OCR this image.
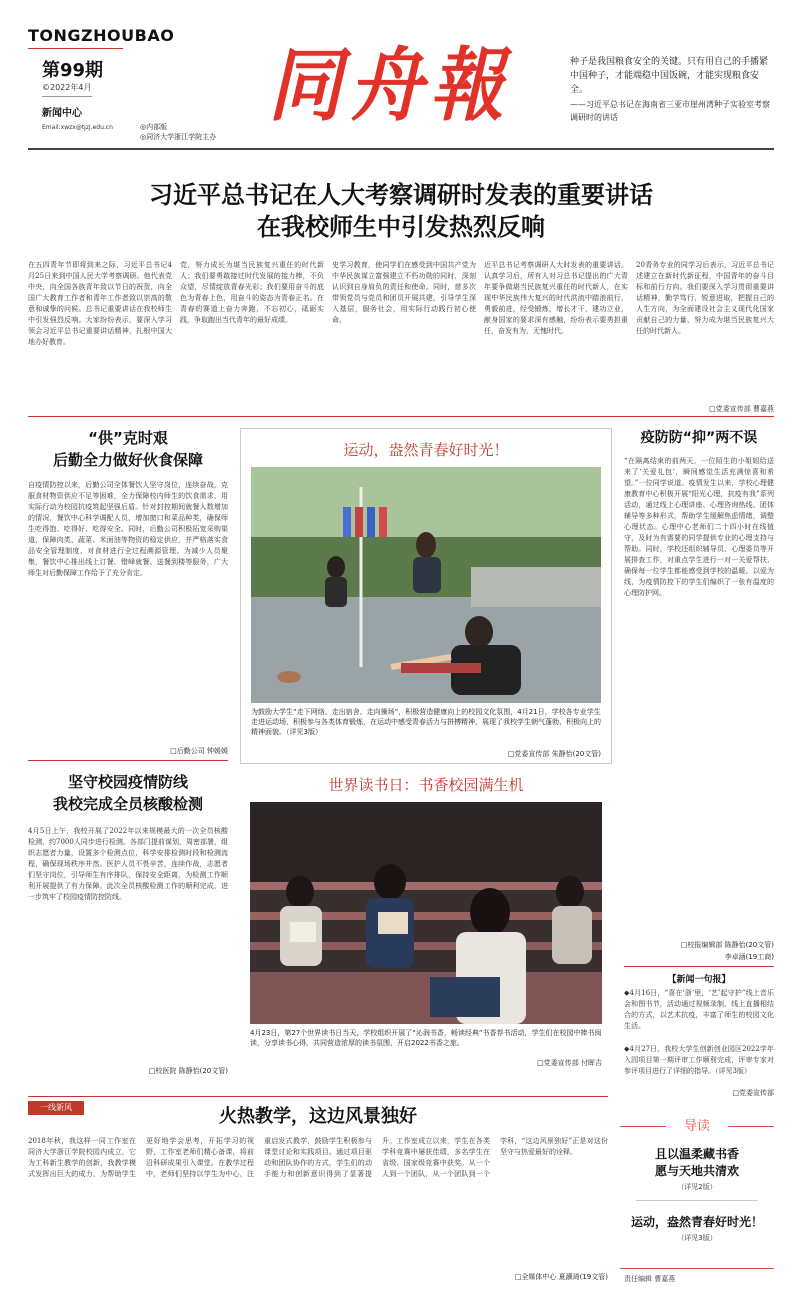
TONGZHOUBAO
第99期
©2022年4月
新闻中心
Email:xwzx@tjzj.edu.cn 同舟報
◎内部版
◎同济大学浙江学院主办
种子是我国粮食安全的关键。只有用自己的手播紧中国种子，才能端稳中国饭碗，才能实现粮食安全。
——习近平总书记在海南省三亚市崖州湾种子实验室考察调研时的讲话
习近平总书记在人大考察调研时发表的重要讲话
在我校师生中引发热烈反响
在五四青年节即将到来之际，习近平总书记4月25日来到中国人民大学考察调研。他代表党中央，向全国各族青年致以节日的祝贺，向全国广大教育工作者和青年工作者致以崇高的敬意和诚挚的问候。总书记重要讲话在我校师生中引发强烈反响。大家纷纷表示，要深入学习领会习近平总书记重要讲话精神，扎根中国大地办好教育。
党，努力成长为堪当民族复兴重任的时代新人；我们要勇敢接过时代发展的接力棒，不负众望，尽情绽放青春光彩；我们要用奋斗的底色为青春上色，用奋斗的姿态为青春正名。在青春的赛道上奋力奔跑，不忘初心，砥砺实践，争取跑出当代青年的最好成绩。
史学习教育，使同学们在感受到中国共产党为中华民族谋立富强建立不朽功勋的同时，深刻认识到自身肩负的责任和使命。同时，慈多次带领党员与党员和团员开展共建，引导学生深入基层，服务社会，用实际行动践行初心使命。
近平总书记考察调研人大时发表的重要讲话。认真学习后，所有人对习总书记提出的广大青年要争做堪当民族复兴重任的时代新人，在实现中华民族伟大复兴的时代洪流中踏浪前行，勇毅前进，经受锻炼，增长才干，建功立业，献身国家的要求深有感触，纷纷表示要勇担重任，奋发有为，无愧时代。
20青务专业的同学习后表示，习近平总书记述建立在新时代新征程，中国青年的奋斗目标和前行方向。我们要深入学习贯彻重要讲话精神，勤学笃行，锐意进取，把握自己的人生方向，为全面建设社会主义现代化国家贡献自己的力量，努力成为堪当民族复兴大任的时代新人。
□党委宣传部 曹嘉燕
“供”克时艰
后勤全力做好伙食保障
自疫情防控以来，后勤公司全体餐饮人坚守岗位，连续奋战，克服食材物资供应不足等困难，全力保障校内师生的饮食需求，用实际行动为校园抗疫筑起坚强后盾。针对封控期间就餐人数增加的情况，餐饮中心科学调配人员，增加窗口和菜品种类，确保师生吃得饱、吃得好、吃得安全。同时，后勤公司积极拓宽采购渠道，保障肉类、蔬菜、米面油等物资的稳定供应，并严格落实食品安全管理制度，对食材进行全过程溯源管理。为减少人员聚集，餐饮中心推出线上订餐、错峰就餐、送餐到楼等服务，广大师生对后勤保障工作给予了充分肯定。
□后勤公司 钟媛媛
坚守校园疫情防线
我校完成全员核酸检测
4月5日上午，我校开展了2022年以来规模最大的一次全员核酸检测，约7000人同步进行检测。各部门提前谋划，周密部署，组织志愿者力量，设置多个检测点位，科学安排检测时段和检测流程，确保现场秩序井然。医护人员不畏辛苦，连续作战，志愿者们坚守岗位，引导师生有序排队，保持安全距离，为检测工作顺利开展提供了有力保障。此次全员核酸检测工作的顺利完成，进一步筑牢了校园疫情防控防线。
□校医院 陈静怡(20文管)
运动，盎然青春好时光！
为鼓励大学生“走下网络、走出宿舍、走向操场”，积极营造健康向上的校园文化氛围，4月21日，学校各专业学生走进运动场，积极参与各类体育锻炼，在运动中感受青春活力与拼搏精神，展现了我校学生朝气蓬勃、积极向上的精神面貌。（详见3版）
□党委宣传部 朱静怡(20文管)
世界读书日：书香校园满生机
4月23日，第27个世界读书日当天，学校组织开展了“沁润书香，畅读经典”书香荐书活动，学生们在校园中捧书阅读，分享读书心得，共同营造浓厚的读书氛围，开启2022书香之旅。
□党委宣传部 付晖吉
疫防防“抑”两不误
“在隔离结束的前两天，一位陌生的小姐姐给送来了‘关爱礼包’，瞬间感觉生活充满惊喜和希望。”一位同学说道。疫情发生以来，学校心理健康教育中心积极开展“阳光心理，抗疫有我”系列活动，通过线上心理讲座、心理咨询热线、团体辅导等多种形式，帮助学生缓解焦虑情绪，调整心理状态。心理中心老师们二十四小时在线值守，及时为有需要的同学提供专业的心理支持与帮助。同时，学校还组织辅导员、心理委员等开展排查工作，对重点学生进行一对一关爱帮扶，确保每一位学生都能感受到学校的温暖。以爱为线，为疫情防控下的学生们编织了一张有温度的心理防护网。
□校报编辑部 陈静怡(20文管)
李卓涵(19工商)
【新闻一句报】
◆4月16日，“喜在‘浙’里，‘艺’起守护”线上音乐会和图书节，活动通过视频录制、线上直播相结合的方式，以艺术抗疫，丰富了师生的校园文化生活。
◆4月27日，我校大学生创新创业园区2022学年入园项目第一期评审工作顺利完成，评审专家对参评项目进行了详细的指导。（详见3版）
□党委宣传部
一线新风	火热教学，这边风景独好
2018年秋，我这样一同工作室在同济大学浙江学院校园内成立，它为工科新生教学的创新，我教学模式发挥出巨大的成力，为帮助学生更好地学会思考，开拓学习的视野，工作室老师们精心备课，将前沿科研成果引入课堂。在教学过程中，老师们坚持以学生为中心，注重启发式教学，鼓励学生积极参与课堂讨论和实践项目。通过项目驱动和团队协作的方式，学生们的动手能力和创新意识得到了显著提升。工作室成立以来，学生在各类学科竞赛中屡获佳绩，多名学生在省级、国家级竞赛中获奖。从一个人到一个团队，从一个团队到一个学科，“这边风景独好”正是对这份坚守与热爱最好的诠释。
□全媒体中心 夏灏琦(19文管)
导读
且以温柔藏书香
愿与天地共清欢
（详见2版）
运动，盎然青春好时光！
（详见3版）
责任编辑 曹嘉燕
